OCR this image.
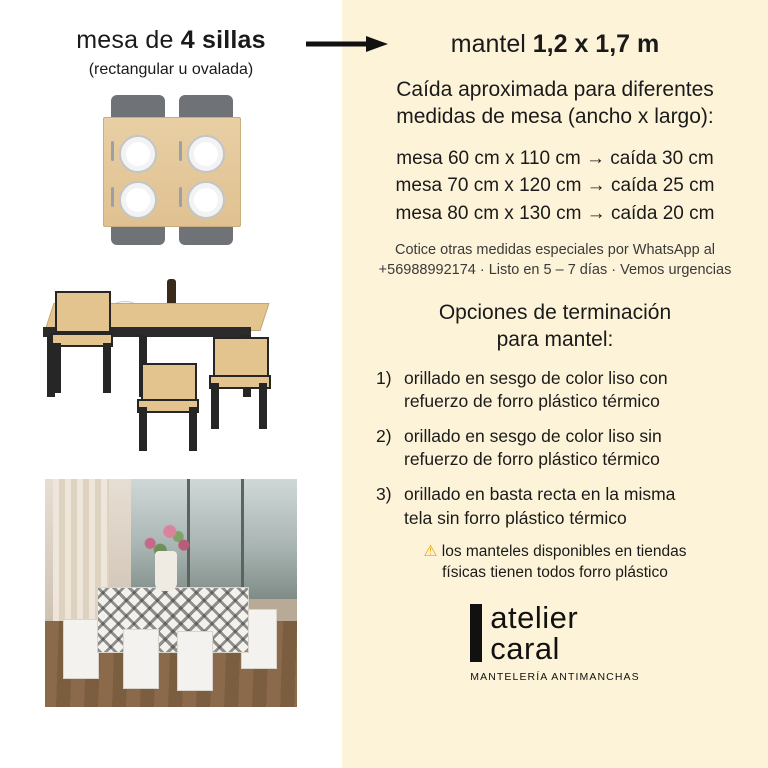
mesa de 4 sillas
(rectangular u ovalada)
mantel 1,2 x 1,7 m
Caída aproximada para diferentes
medidas de mesa (ancho x largo):
mesa 60 cm x 110 cm → caída 30 cm
mesa 70 cm x 120 cm → caída 25 cm
mesa 80 cm x 130 cm → caída 20 cm
Cotice otras medidas especiales por WhatsApp al
+56988992174 · Listo en 5 – 7 días · Vemos urgencias
Opciones de terminación
para mantel:
1) orillado en sesgo de color liso con
refuerzo de forro plástico térmico
2) orillado en sesgo de color liso sin
refuerzo de forro plástico térmico
3) orillado en basta recta en la misma
tela sin forro plástico térmico
⚠ los manteles disponibles en tiendas
físicas tienen todos forro plástico
atelier
caral
MANTELERÍA ANTIMANCHAS
